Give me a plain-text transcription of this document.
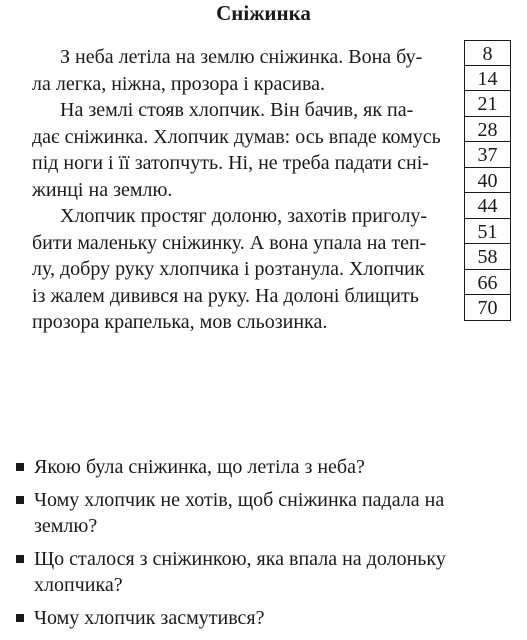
Сніжинка
З неба летіла на землю сніжинка. Вона бу-
ла легка, ніжна, прозора і красива.
На землі стояв хлопчик. Він бачив, як па-
дає сніжинка. Хлопчик думав: ось впаде комусь
під ноги і її затопчуть. Ні, не треба падати сні-
жинці на землю.
Хлопчик простяг долоню, захотів приголу-
бити маленьку сніжинку. А вона упала на теп-
лу, добру руку хлопчика і розтанула. Хлопчик
із жалем дивився на руку. На долоні блищить
прозора крапелька, мов сльозинка.
8
14
21
28
37
40
44
51
58
66
70
Якою була сніжинка, що летіла з неба?
Чому хлопчик не хотів, щоб сніжинка падала на
землю?
Що сталося з сніжинкою, яка впала на долоньку
хлопчика?
Чому хлопчик засмутився?
